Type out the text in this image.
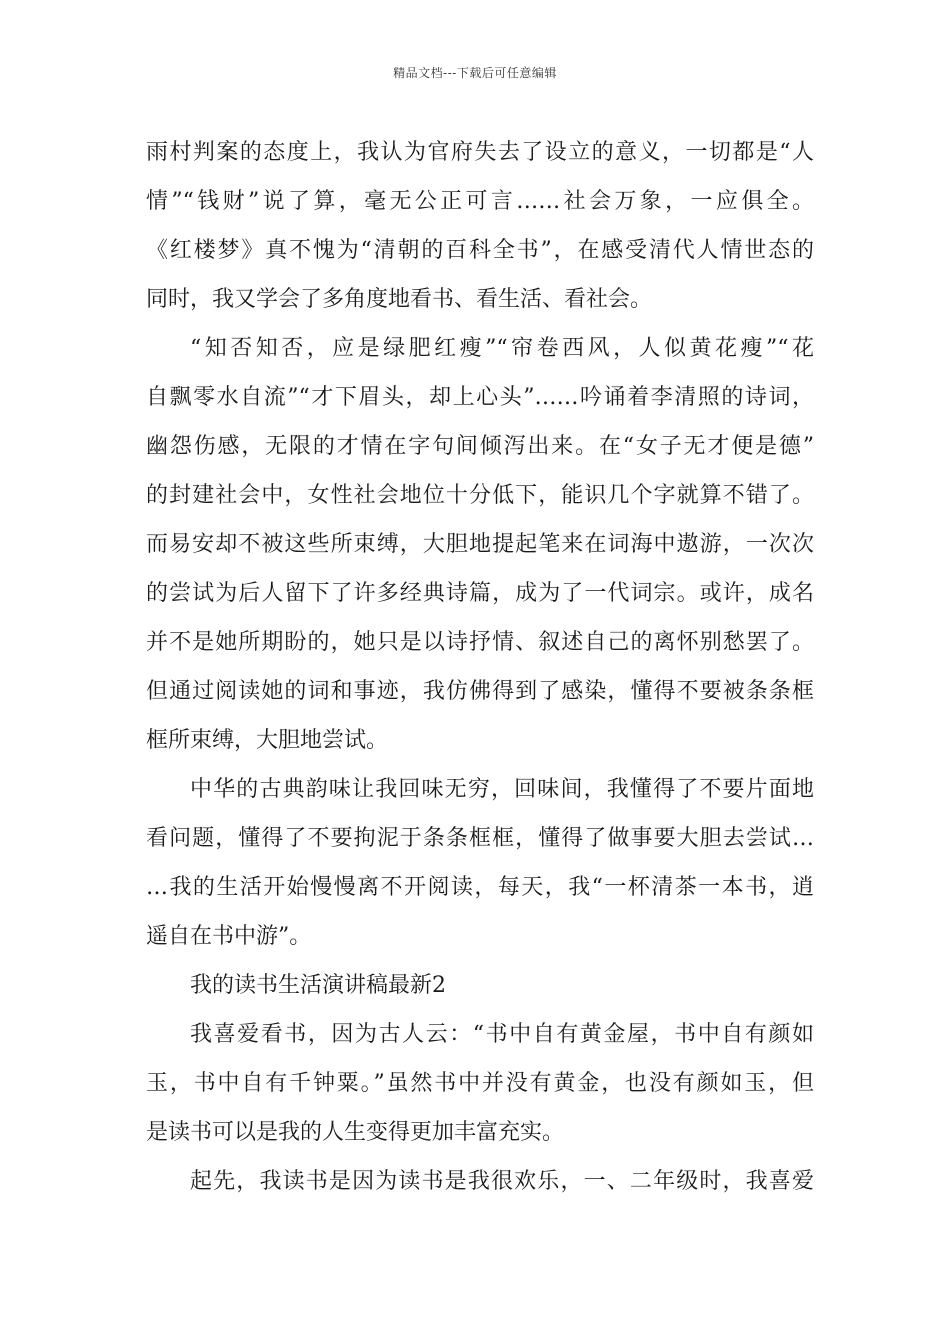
精品文档---下载后可任意编辑
雨村判案的态度上，我认为官府失去了设立的意义，一切都是“人
情”“钱财”说了算，毫无公正可言……社会万象，一应俱全。
《红楼梦》真不愧为“清朝的百科全书”，在感受清代人情世态的
同时，我又学会了多角度地看书、看生活、看社会。
“知否知否，应是绿肥红瘦”“帘卷西风，人似黄花瘦”“花
自飘零水自流”“才下眉头，却上心头”……吟诵着李清照的诗词，
幽怨伤感，无限的才情在字句间倾泻出来。在“女子无才便是德”
的封建社会中，女性社会地位十分低下，能识几个字就算不错了。
而易安却不被这些所束缚，大胆地提起笔来在词海中遨游，一次次
的尝试为后人留下了许多经典诗篇，成为了一代词宗。或许，成名
并不是她所期盼的，她只是以诗抒情、叙述自己的离怀别愁罢了。
但通过阅读她的词和事迹，我仿佛得到了感染，懂得不要被条条框
框所束缚，大胆地尝试。
中华的古典韵味让我回味无穷，回味间，我懂得了不要片面地
看问题，懂得了不要拘泥于条条框框，懂得了做事要大胆去尝试…
…我的生活开始慢慢离不开阅读，每天，我“一杯清茶一本书，逍
遥自在书中游”。
我的读书生活演讲稿最新2
我喜爱看书，因为古人云：“书中自有黄金屋，书中自有颜如
玉，书中自有千钟粟。”虽然书中并没有黄金，也没有颜如玉，但
是读书可以是我的人生变得更加丰富充实。
起先，我读书是因为读书是我很欢乐，一、二年级时，我喜爱
